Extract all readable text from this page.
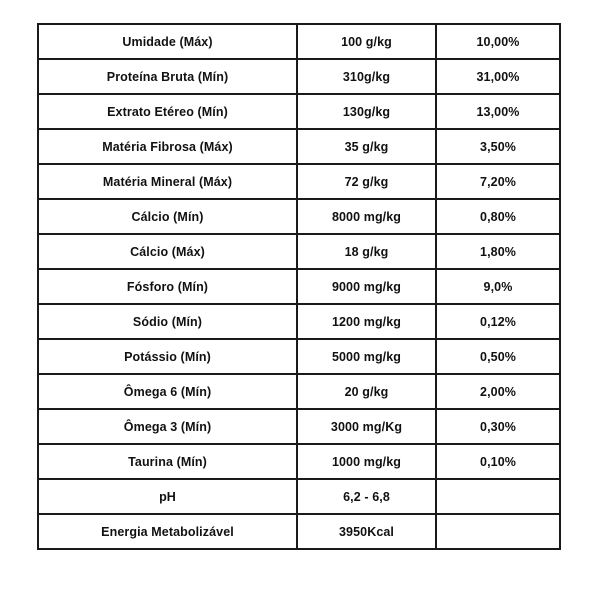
Umidade (Máx)	100 g/kg	10,00%
Proteína Bruta (Mín)	310g/kg	31,00%
Extrato Etéreo (Mín)	130g/kg	13,00%
Matéria Fibrosa (Máx)	35 g/kg	3,50%
Matéria Mineral (Máx)	72 g/kg	7,20%
Cálcio (Mín)	8000 mg/kg	0,80%
Cálcio (Máx)	18 g/kg	1,80%
Fósforo (Mín)	9000 mg/kg	9,0%
Sódio (Mín)	1200 mg/kg	0,12%
Potássio (Mín)	5000 mg/kg	0,50%
Ômega 6 (Mín)	20 g/kg	2,00%
Ômega 3 (Mín)	3000 mg/Kg	0,30%
Taurina (Mín)	1000 mg/kg	0,10%
pH	6,2 - 6,8	
Energia Metabolizável	3950Kcal	
